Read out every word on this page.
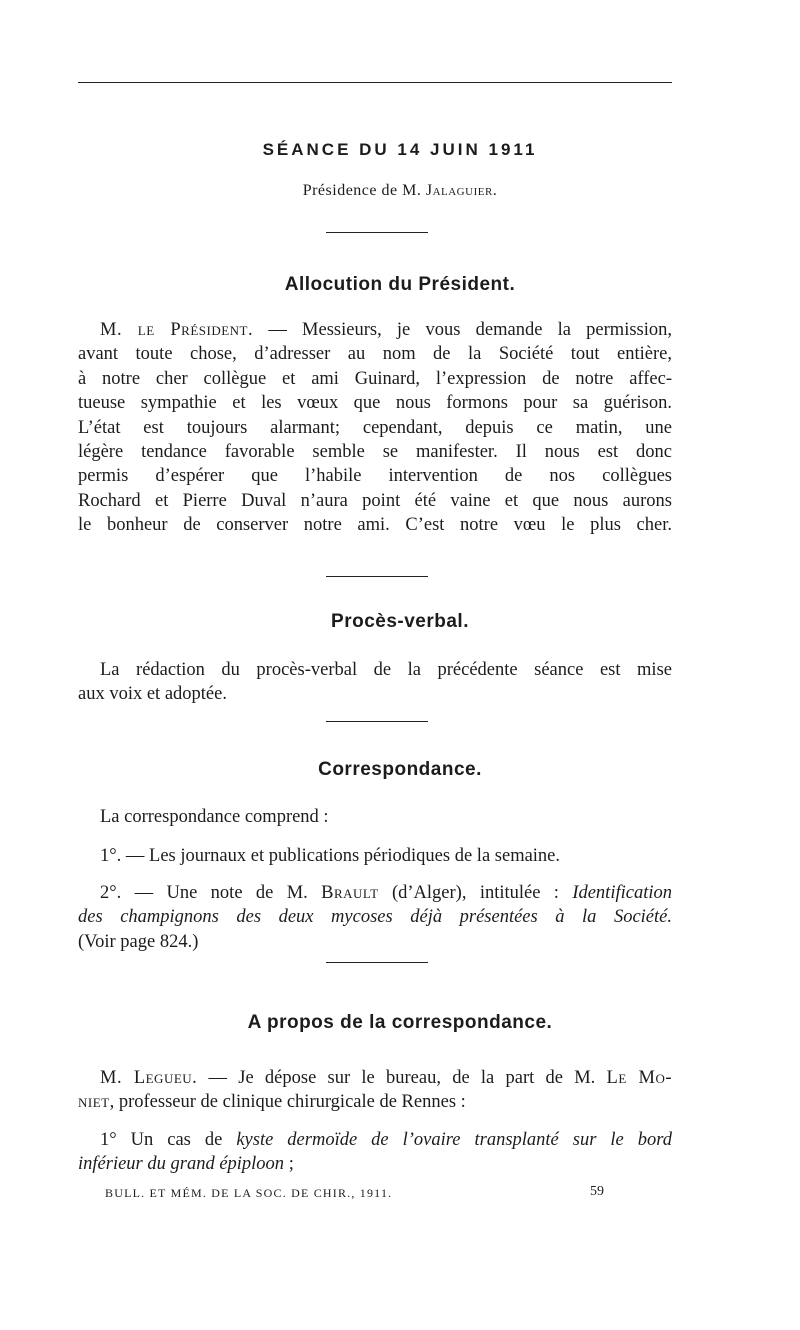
SÉANCE DU 14 JUIN 1911
Présidence de M. Jalaguier.
Allocution du Président.
M. le Président. — Messieurs, je vous demande la permission,
avant toute chose, d’adresser au nom de la Société tout entière,
à notre cher collègue et ami Guinard, l’expression de notre affec-
tueuse sympathie et les vœux que nous formons pour sa guérison.
L’état est toujours alarmant; cependant, depuis ce matin, une
légère tendance favorable semble se manifester. Il nous est donc
permis d’espérer que l’habile intervention de nos collègues
Rochard et Pierre Duval n’aura point été vaine et que nous aurons
le bonheur de conserver notre ami. C’est notre vœu le plus cher.
Procès-verbal.
La rédaction du procès-verbal de la précédente séance est mise
aux voix et adoptée.
Correspondance.
La correspondance comprend :
1°. — Les journaux et publications périodiques de la semaine.
2°. — Une note de M. Brault (d’Alger), intitulée : Identification
des champignons des deux mycoses déjà présentées à la Société.
(Voir page 824.)
A propos de la correspondance.
M. Legueu. — Je dépose sur le bureau, de la part de M. Le Mo-
niet, professeur de clinique chirurgicale de Rennes :
1° Un cas de kyste dermoïde de l’ovaire transplanté sur le bord
inférieur du grand épiploon ;
BULL. ET MÉM. DE LA SOC. DE CHIR., 1911.	59
